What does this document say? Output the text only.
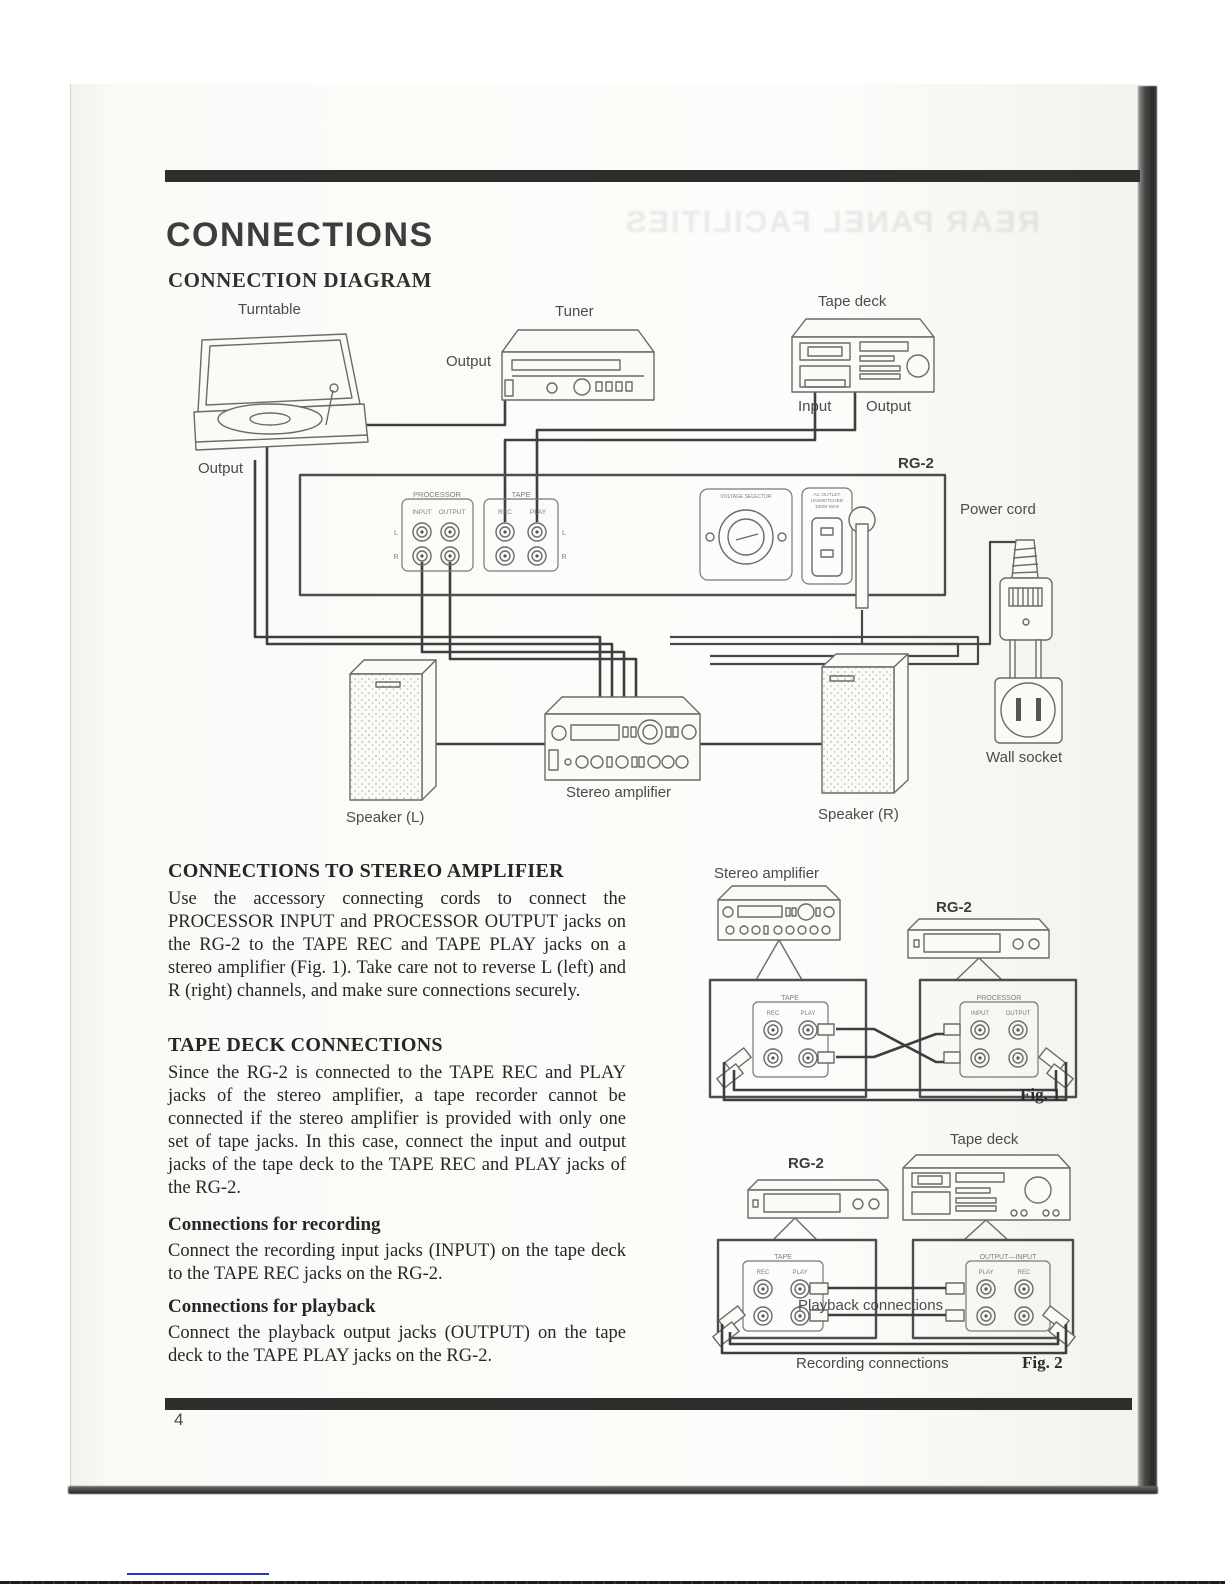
REAR PANEL FACILITIES
CONNECTIONS
CONNECTION DIAGRAM
Turntable
Output
Tuner
Output
Tape deck
Input Output
RG-2
PROCESSOR
INPUT OUTPUT
L
R
TAPE
REC	PLAY
L
R
VOLTAGE SELECTOR	AC OUTLET
UNSWITCHED
100W MAX	Power cord
Wall socket
Speaker (L)	Speaker (R)
Stereo amplifier
CONNECTIONS TO STEREO AMPLIFIER

Use the accessory connecting cords to connect the PROCESSOR INPUT and PROCESSOR OUTPUT jacks on the RG-2 to the TAPE REC and TAPE PLAY jacks on a stereo amplifier (Fig. 1). Take care not to reverse L (left) and R (right) channels, and make sure connections securely.

TAPE DECK CONNECTIONS

Since the RG-2 is connected to the TAPE REC and PLAY jacks of the stereo amplifier, a tape recorder cannot be connected if the stereo amplifier is provided with only one set of tape jacks. In this case, connect the input and output jacks of the tape deck to the TAPE REC and PLAY jacks of the RG-2.

Connections for recording

Connect the recording input jacks (INPUT) on the tape deck to the TAPE REC jacks on the RG-2.

Connections for playback

Connect the playback output jacks (OUTPUT) on the tape deck to the TAPE PLAY jacks on the RG-2.

Stereo amplifier
RG-2
TAPE
REC	PLAY
PROCESSOR
INPUT	OUTPUT
Fig. 1
Tape deck
RG-2
TAPE
REC	PLAY
OUTPUT—INPUT
PLAY	REC
Playback connections
Recording connections	Fig. 2
4
